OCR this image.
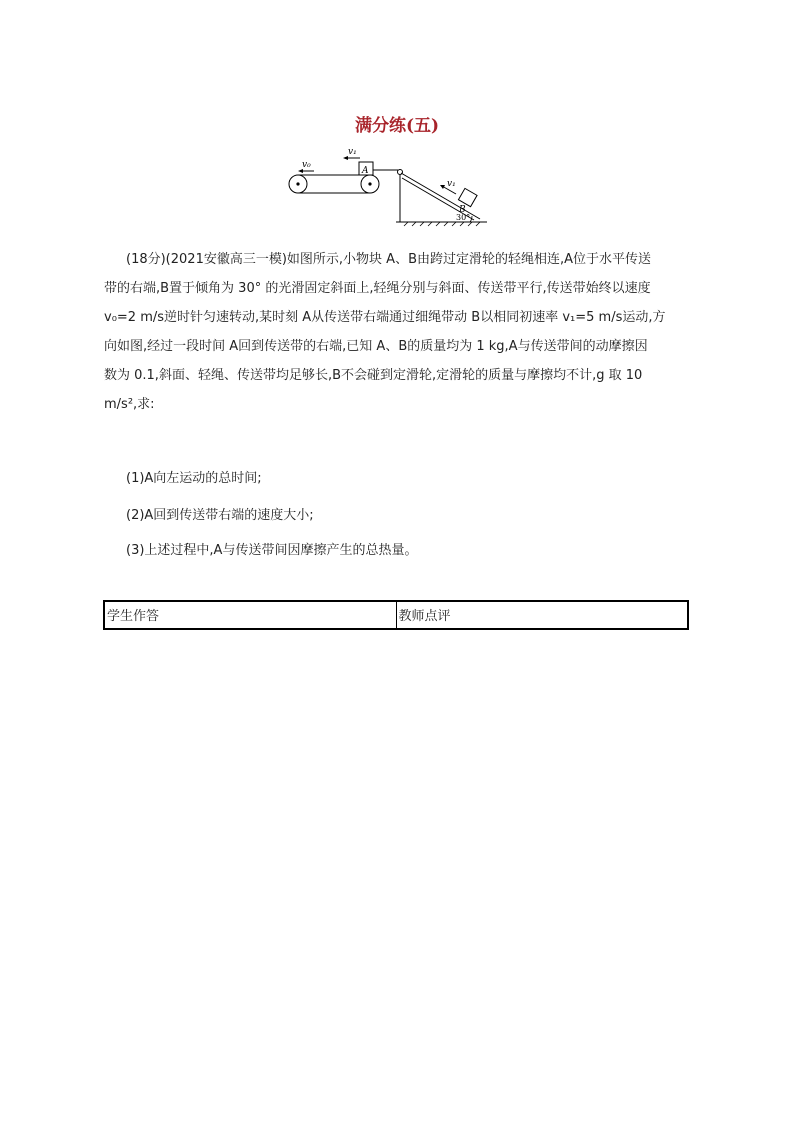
满分练(五)
v₀
A
v₁
30°
B
v₁

(18分)(2021安徽高三一模)如图所示,小物块 A、B由跨过定滑轮的轻绳相连,A位于水平传送

带的右端,B置于倾角为 30° 的光滑固定斜面上,轻绳分别与斜面、传送带平行,传送带始终以速度

v₀=2 m/s逆时针匀速转动,某时刻 A从传送带右端通过细绳带动 B以相同初速率 v₁=5 m/s运动,方

向如图,经过一段时间 A回到传送带的右端,已知 A、B的质量均为 1 kg,A与传送带间的动摩擦因

数为 0.1,斜面、轻绳、传送带均足够长,B不会碰到定滑轮,定滑轮的质量与摩擦均不计,g 取 10

m/s²,求:

(1)A向左运动的总时间;
(2)A回到传送带右端的速度大小;
(3)上述过程中,A与传送带间因摩擦产生的总热量。
学生作答	教师点评
